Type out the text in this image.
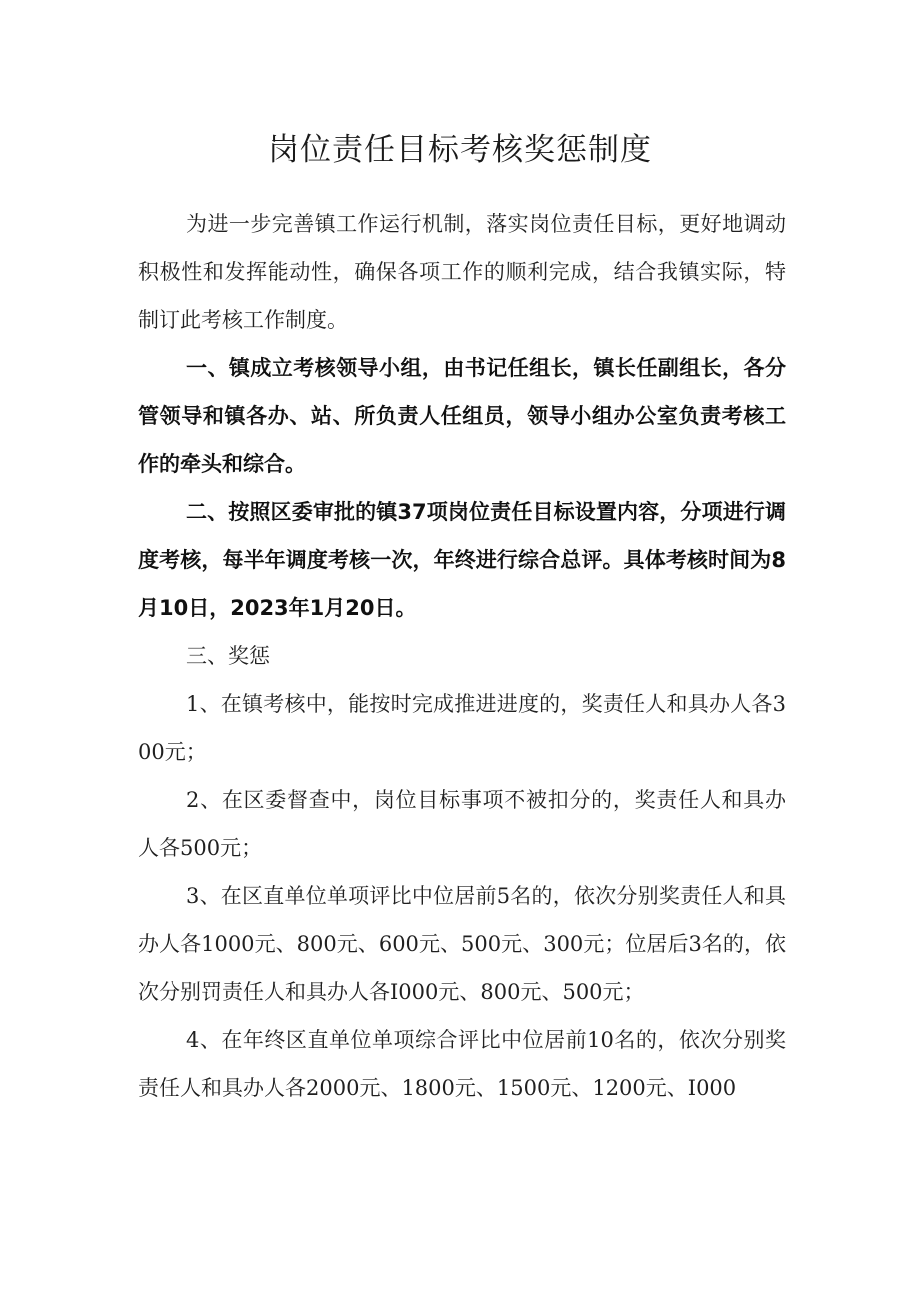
岗位责任目标考核奖惩制度

为进一步完善镇工作运行机制，落实岗位责任目标，更好地调动积极性和发挥能动性，确保各项工作的顺利完成，结合我镇实际，特制订此考核工作制度。

一、镇成立考核领导小组，由书记任组长，镇长任副组长，各分管领导和镇各办、站、所负责人任组员，领导小组办公室负责考核工作的牵头和综合。

二、按照区委审批的镇37项岗位责任目标设置内容，分项进行调度考核，每半年调度考核一次，年终进行综合总评。具体考核时间为8月10日，2023年1月20日。

三、奖惩

1、在镇考核中，能按时完成推进进度的，奖责任人和具办人各300元；

2、在区委督查中，岗位目标事项不被扣分的，奖责任人和具办人各500元；

3、在区直单位单项评比中位居前5名的，依次分别奖责任人和具办人各1000元、800元、600元、500元、300元；位居后3名的，依次分别罚责任人和具办人各I000元、800元、500元；

4、在年终区直单位单项综合评比中位居前10名的，依次分别奖责任人和具办人各2000元、1800元、1500元、1200元、I000
